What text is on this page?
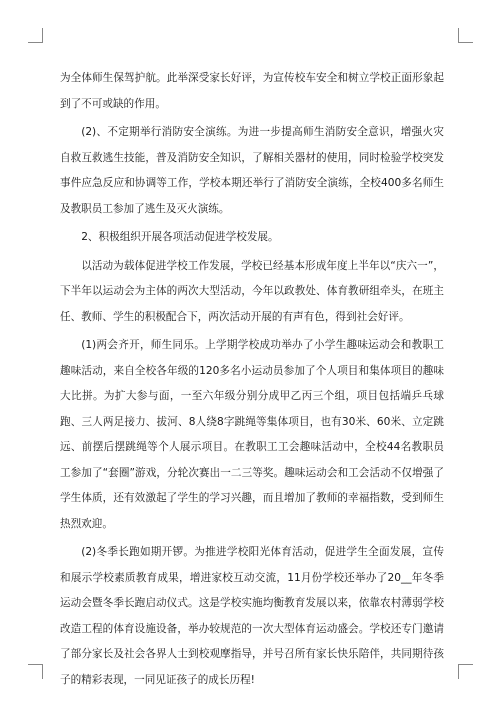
为全体师生保驾护航。此举深受家长好评，为宣传校车安全和树立学校正面形象起到了不可或缺的作用。

(2)、不定期举行消防安全演练。为进一步提高师生消防安全意识，增强火灾自救互救逃生技能，普及消防安全知识，了解相关器材的使用，同时检验学校突发事件应急反应和协调等工作，学校本期还举行了消防安全演练，全校400多名师生及教职员工参加了逃生及灭火演练。

2、积极组织开展各项活动促进学校发展。

以活动为载体促进学校工作发展，学校已经基本形成年度上半年以“庆六一”，下半年以运动会为主体的两次大型活动，今年以政教处、体育教研组牵头，在班主任、教师、学生的积极配合下，两次活动开展的有声有色，得到社会好评。

(1)两会齐开，师生同乐。上学期学校成功举办了小学生趣味运动会和教职工趣味活动，来自全校各年级的120多名小运动员参加了个人项目和集体项目的趣味大比拼。为扩大参与面，一至六年级分别分成甲乙丙三个组，项目包括端乒乓球跑、三人两足接力、拔河、8人绕8字跳绳等集体项目，也有30米、60米、立定跳远、前摆后摆跳绳等个人展示项目。在教职工工会趣味活动中，全校44名教职员工参加了“套圈”游戏，分轮次赛出一二三等奖。趣味运动会和工会活动不仅增强了学生体质，还有效激起了学生的学习兴趣，而且增加了教师的幸福指数，受到师生热烈欢迎。

(2)冬季长跑如期开锣。为推进学校阳光体育活动，促进学生全面发展，宣传和展示学校素质教育成果，增进家校互动交流，11月份学校还举办了20__年冬季运动会暨冬季长跑启动仪式。这是学校实施均衡教育发展以来，依靠农村薄弱学校改造工程的体育设施设备，举办较规范的一次大型体育运动盛会。学校还专门邀请了部分家长及社会各界人士到校观摩指导，并号召所有家长快乐陪伴，共同期待孩子的精彩表现，一同见证孩子的成长历程!
